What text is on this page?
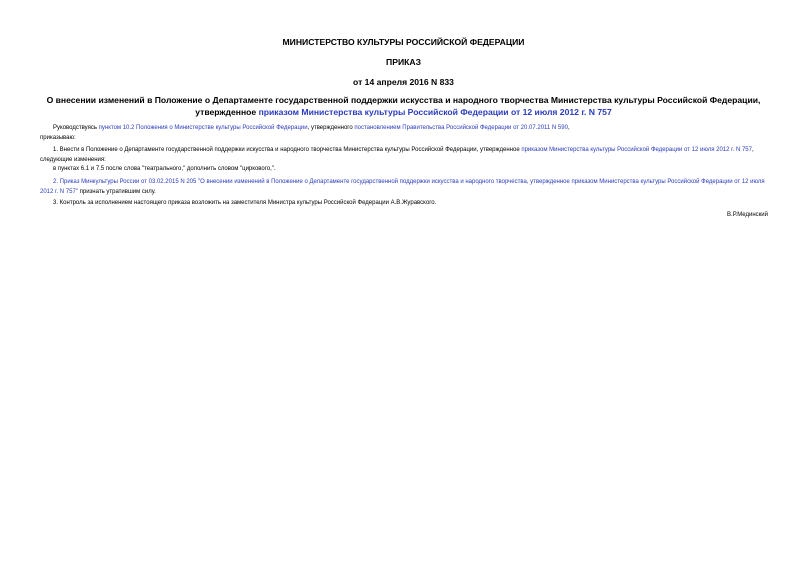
МИНИСТЕРСТВО КУЛЬТУРЫ РОССИЙСКОЙ ФЕДЕРАЦИИ
ПРИКАЗ
от 14 апреля 2016 N 833
О внесении изменений в Положение о Департаменте государственной поддержки искусства и народного творчества Министерства культуры Российской Федерации, утвержденное приказом Министерства культуры Российской Федерации от 12 июля 2012 г. N 757

Руководствуясь пунктом 10.2 Положения о Министерстве культуры Российской Федерации, утвержденного постановлением Правительства Российской Федерации от 20.07.2011 N 590,

приказываю:

1. Внести в Положение о Департаменте государственной поддержки искусства и народного творчества Министерства культуры Российской Федерации, утвержденное приказом Министерства культуры Российской Федерации от 12 июля 2012 г. N 757, следующие изменения:

в пунктах 6.1 и 7.5 после слова "театрального," дополнить словом "циркового,".

2. Приказ Минкультуры России от 03.02.2015 N 205 "О внесении изменений в Положение о Департаменте государственной поддержки искусства и народного творчества, утвержденное приказом Министерства культуры Российской Федерации от 12 июля 2012 г. N 757" признать утратившим силу.

3. Контроль за исполнением настоящего приказа возложить на заместителя Министра культуры Российской Федерации А.В.Журавского.

В.Р.Мединский
